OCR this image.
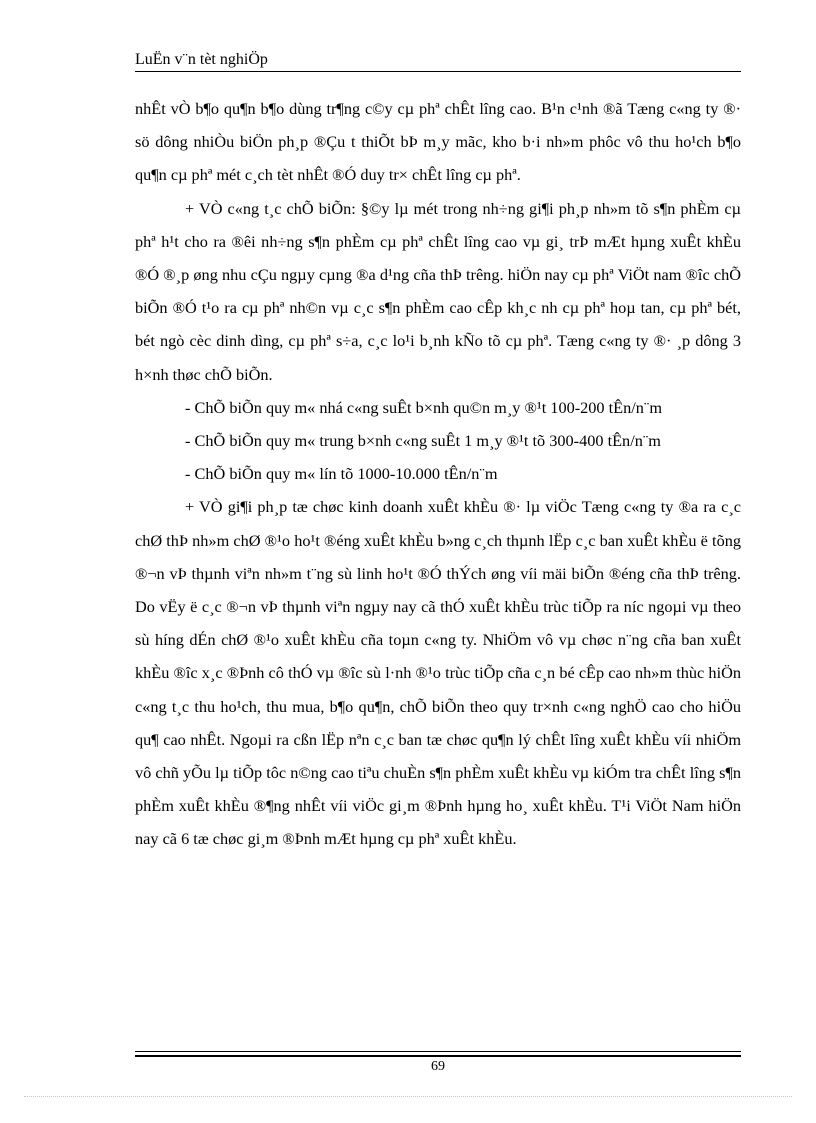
LuËn v¨n tèt nghiÖp

nhÊt vÒ b¶o qu¶n b¶o dùng tr¶ng c©y cµ phª chÊt lîng cao. B¹n c¹nh ®ã Tæng c«ng ty ®· sö dông nhiÒu biÖn ph¸p ®Çu t thiÕt bÞ m¸y mãc, kho b·i nh»m phôc vô thu ho¹ch b¶o qu¶n cµ phª mét c¸ch tèt nhÊt ®Ó duy tr× chÊt lîng cµ phª.

+ VÒ c«ng t¸c chÕ biÕn: §©y lµ mét trong nh÷ng gi¶i ph¸p nh»m tõ s¶n phÈm cµ phª h¹t cho ra ®êi nh÷ng s¶n phÈm cµ phª chÊt lîng cao vµ gi¸ trÞ mÆt hµng xuÊt khÈu ®Ó ®¸p øng nhu cÇu ngµy cµng ®a d¹ng cña thÞ trêng. hiÖn nay cµ phª ViÖt nam ®îc chÕ biÕn ®Ó t¹o ra cµ phª nh©n vµ c¸c s¶n phÈm cao cÊp kh¸c nh cµ phª hoµ tan, cµ phª bét, bét ngò cèc dinh dìng, cµ phª s÷a, c¸c lo¹i b¸nh kÑo tõ cµ phª. Tæng c«ng ty ®· ¸p dông 3 h×nh thøc chÕ biÕn.

- ChÕ biÕn quy m« nhá c«ng suÊt b×nh qu©n m¸y ®¹t 100-200 tÊn/n¨m

- ChÕ biÕn quy m« trung b×nh c«ng suÊt 1 m¸y ®¹t tõ 300-400 tÊn/n¨m

- ChÕ biÕn quy m« lín tõ 1000-10.000 tÊn/n¨m

+ VÒ gi¶i ph¸p tæ chøc kinh doanh xuÊt khÈu ®· lµ viÖc Tæng c«ng ty ®a ra c¸c chØ thÞ nh»m chØ ®¹o ho¹t ®éng xuÊt khÈu b»ng c¸ch thµnh lËp c¸c ban xuÊt khÈu ë tõng ®¬n vÞ thµnh viªn nh»m t¨ng sù linh ho¹t ®Ó thÝch øng víi mäi biÕn ®éng cña thÞ trêng. Do vËy ë c¸c ®¬n vÞ thµnh viªn ngµy nay cã thÓ xuÊt khÈu trùc tiÕp ra níc ngoµi vµ theo sù híng dÉn chØ ®¹o xuÊt khÈu cña toµn c«ng ty. NhiÖm vô vµ chøc n¨ng cña ban xuÊt khÈu ®îc x¸c ®Þnh cô thÓ vµ ®îc sù l·nh ®¹o trùc tiÕp cña c¸n bé cÊp cao nh»m thùc hiÖn c«ng t¸c thu ho¹ch, thu mua, b¶o qu¶n, chÕ biÕn theo quy tr×nh c«ng nghÖ cao cho hiÖu qu¶ cao nhÊt. Ngoµi ra cßn lËp nªn c¸c ban tæ chøc qu¶n lý chÊt lîng xuÊt khÈu víi nhiÖm vô chñ yÕu lµ tiÕp tôc n©ng cao tiªu chuÈn s¶n phÈm xuÊt khÈu vµ kiÓm tra chÊt lîng s¶n phÈm xuÊt khÈu ®¶ng nhÊt víi viÖc gi¸m ®Þnh hµng ho¸ xuÊt khÈu. T¹i ViÖt Nam hiÖn nay cã 6 tæ chøc gi¸m ®Þnh mÆt hµng cµ phª xuÊt khÈu.

69
